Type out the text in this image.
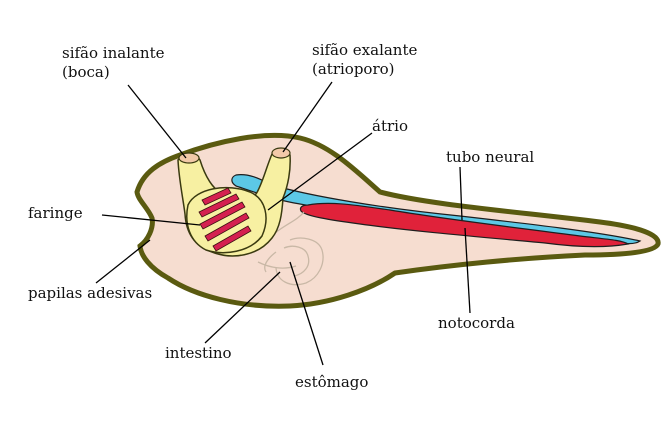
sifão inalante
(boca)
sifão exalante
(atrioporo)
átrio
tubo neural
faringe
papilas adesivas
notocorda
intestino
estômago
